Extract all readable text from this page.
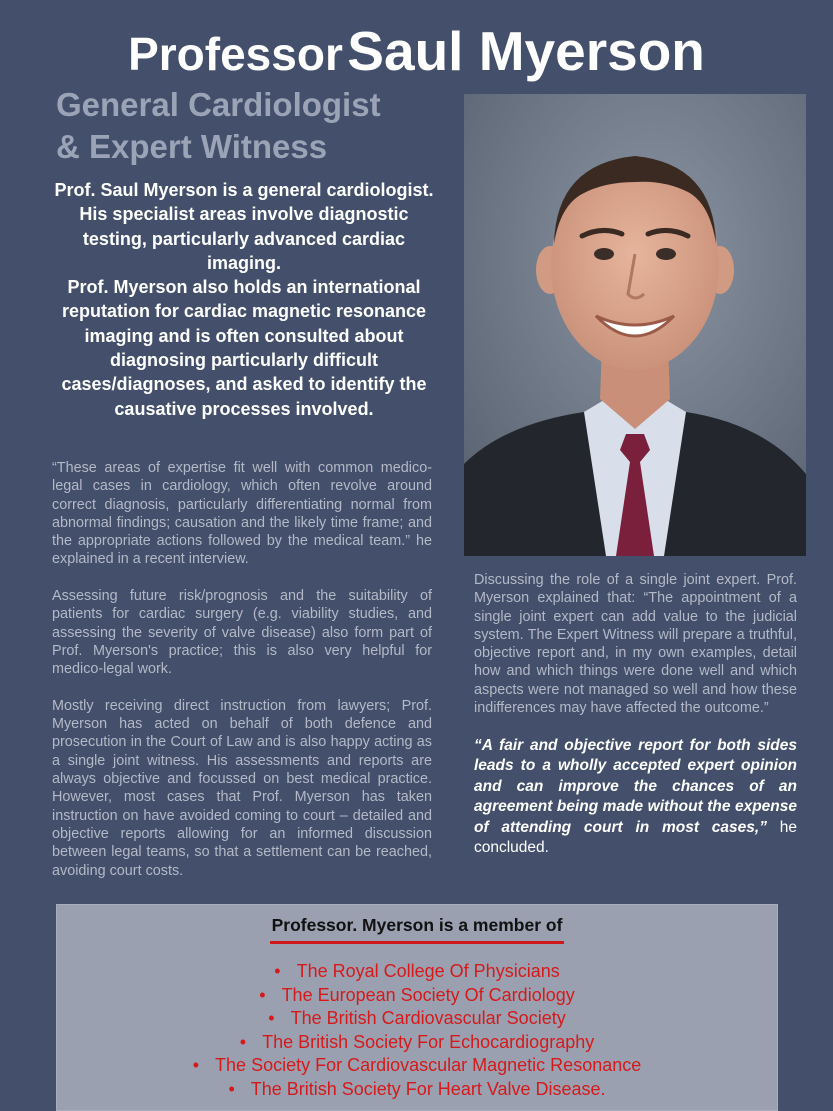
Professor Saul Myerson
General Cardiologist
& Expert Witness

Prof. Saul Myerson is a general cardiologist. His specialist areas involve diagnostic testing, particularly advanced cardiac imaging.

Prof. Myerson also holds an international reputation for cardiac magnetic resonance imaging and is often consulted about diagnosing particularly difficult cases/diagnoses, and asked to identify the causative processes involved.

“These areas of expertise fit well with common medico-legal cases in cardiology, which often revolve around correct diagnosis, particularly differentiating normal from abnormal findings; causation and the likely time frame; and the appropriate actions followed by the medical team.” he explained in a recent interview.

Assessing future risk/prognosis and the suitability of patients for cardiac surgery (e.g. viability studies, and assessing the severity of valve disease) also form part of Prof. Myerson's practice; this is also very helpful for medico-legal work.

Mostly receiving direct instruction from lawyers; Prof. Myerson has acted on behalf of both defence and prosecution in the Court of Law and is also happy acting as a single joint witness. His assessments and reports are always objective and focussed on best medical practice. However, most cases that Prof. Myerson has taken instruction on have avoided coming to court – detailed and objective reports allowing for an informed discussion between legal teams, so that a settlement can be reached, avoiding court costs.

Discussing the role of a single joint expert. Prof. Myerson explained that: “The appointment of a single joint expert can add value to the judicial system. The Expert Witness will prepare a truthful, objective report and, in my own examples, detail how and which things were done well and which aspects were not managed so well and how these indifferences may have affected the outcome.”

“A fair and objective report for both sides leads to a wholly accepted expert opinion and can improve the chances of an agreement being made without the expense of attending court in most cases,” he concluded.

Professor. Myerson is a member of
• The Royal College Of Physicians
• The European Society Of Cardiology
• The British Cardiovascular Society
• The British Society For Echocardiography
• The Society For Cardiovascular Magnetic Resonance
• The British Society For Heart Valve Disease.
